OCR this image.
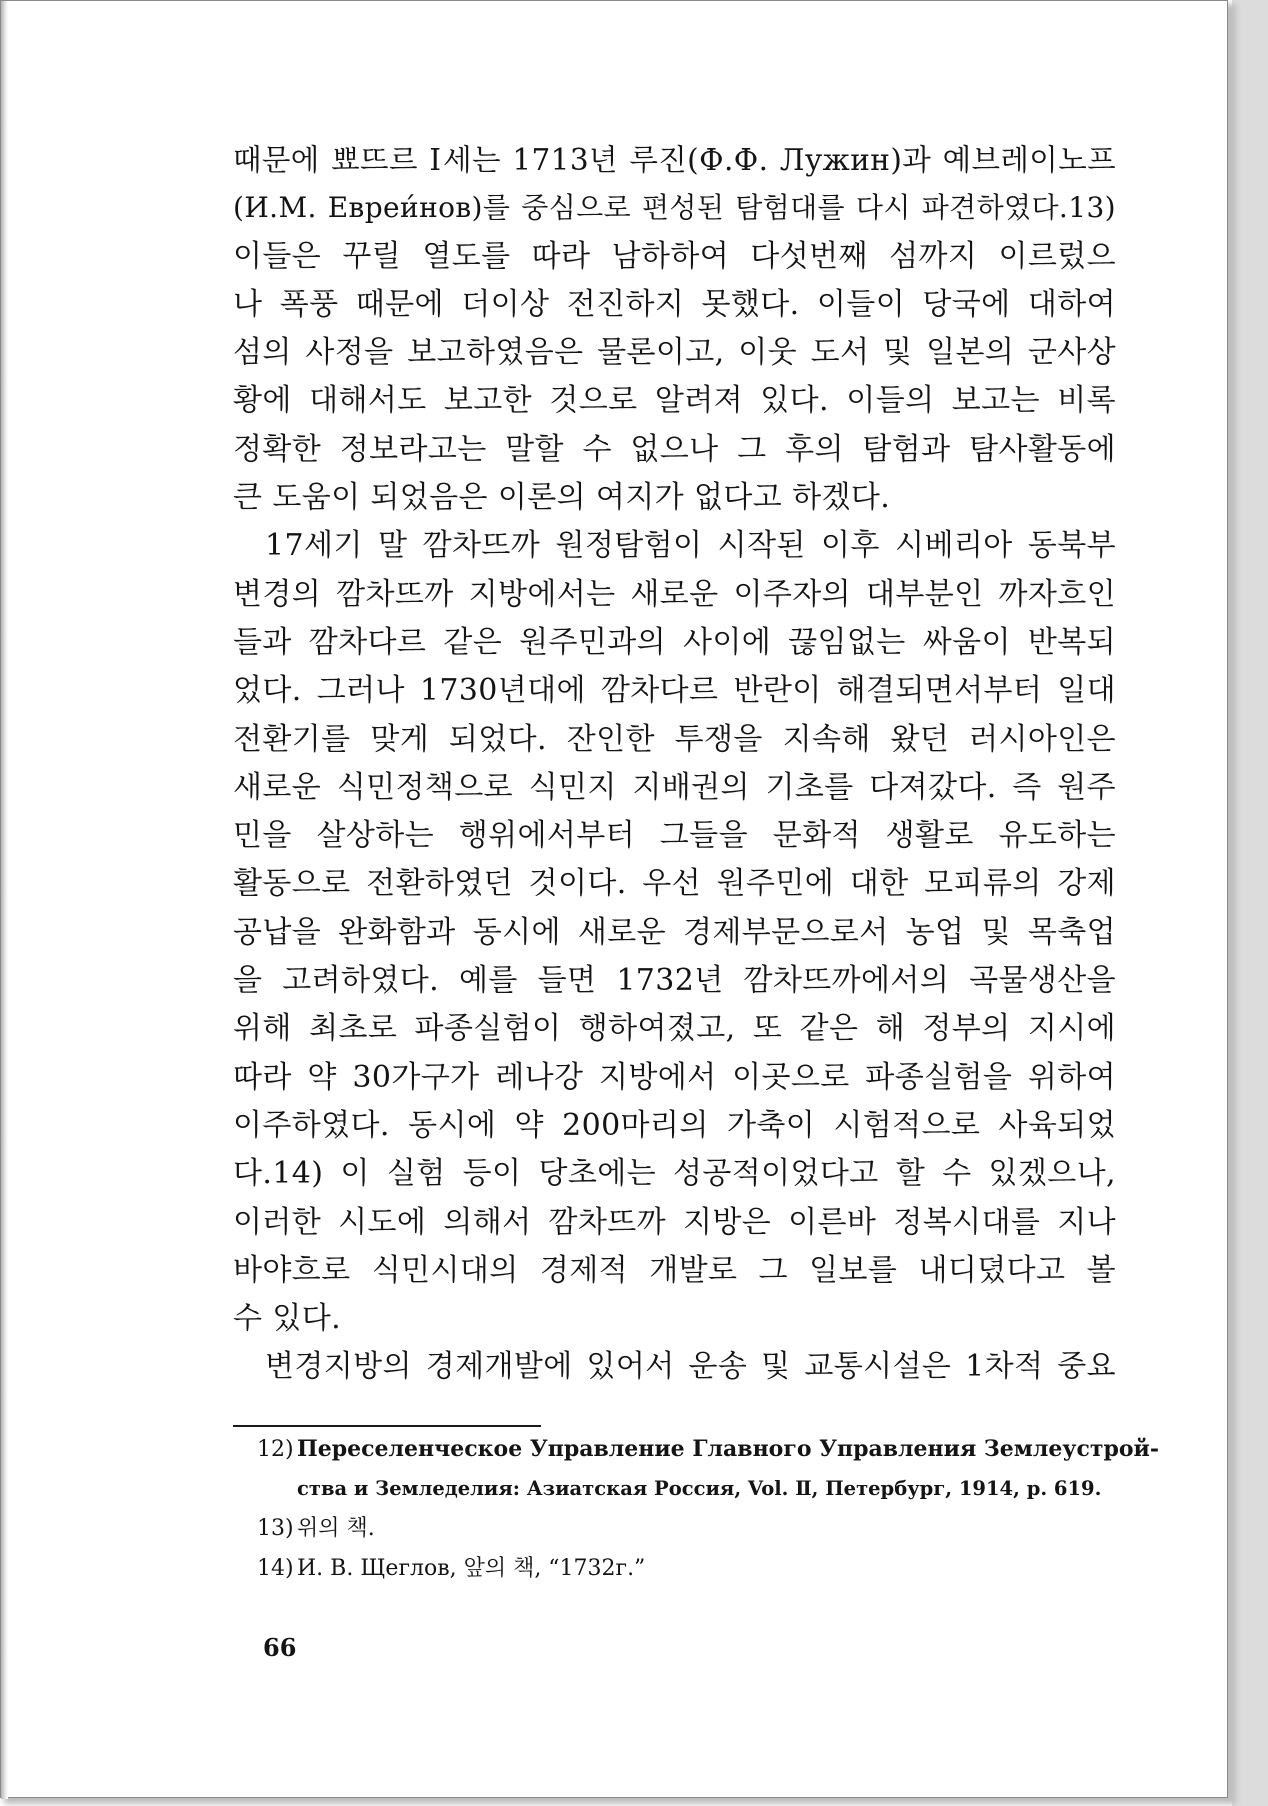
때문에 뾰뜨르 Ⅰ세는 1713년 루진(Ф.Ф. Лужин)과 예브레이노프
(И.М. Евреи́нов)를 중심으로 편성된 탐험대를 다시 파견하였다.13)
이들은 꾸릴 열도를 따라 남하하여 다섯번째 섬까지 이르렀으
나 폭풍 때문에 더이상 전진하지 못했다. 이들이 당국에 대하여
섬의 사정을 보고하였음은 물론이고, 이웃 도서 및 일본의 군사상
황에 대해서도 보고한 것으로 알려져 있다. 이들의 보고는 비록
정확한 정보라고는 말할 수 없으나 그 후의 탐험과 탐사활동에
큰 도움이 되었음은 이론의 여지가 없다고 하겠다.
17세기 말 깜차뜨까 원정탐험이 시작된 이후 시베리아 동북부
변경의 깜차뜨까 지방에서는 새로운 이주자의 대부분인 까자흐인
들과 깜차다르 같은 원주민과의 사이에 끊임없는 싸움이 반복되
었다. 그러나 1730년대에 깜차다르 반란이 해결되면서부터 일대
전환기를 맞게 되었다. 잔인한 투쟁을 지속해 왔던 러시아인은
새로운 식민정책으로 식민지 지배권의 기초를 다져갔다. 즉 원주
민을 살상하는 행위에서부터 그들을 문화적 생활로 유도하는
활동으로 전환하였던 것이다. 우선 원주민에 대한 모피류의 강제
공납을 완화함과 동시에 새로운 경제부문으로서 농업 및 목축업
을 고려하였다. 예를 들면 1732년 깜차뜨까에서의 곡물생산을
위해 최초로 파종실험이 행하여졌고, 또 같은 해 정부의 지시에
따라 약 30가구가 레나강 지방에서 이곳으로 파종실험을 위하여
이주하였다. 동시에 약 200마리의 가축이 시험적으로 사육되었
다.14) 이 실험 등이 당초에는 성공적이었다고 할 수 있겠으나,
이러한 시도에 의해서 깜차뜨까 지방은 이른바 정복시대를 지나
바야흐로 식민시대의 경제적 개발로 그 일보를 내디뎠다고 볼
수 있다.
변경지방의 경제개발에 있어서 운송 및 교통시설은 1차적 중요
12) Переселенческое Управление Главного Управления Землеустрой-
ства и Земледелия: Азиатская Россия, Vol. Ⅱ, Петербург, 1914, p. 619.
13) 위의 책.
14) И. В. Щеглов, 앞의 책, “1732г.”
66
